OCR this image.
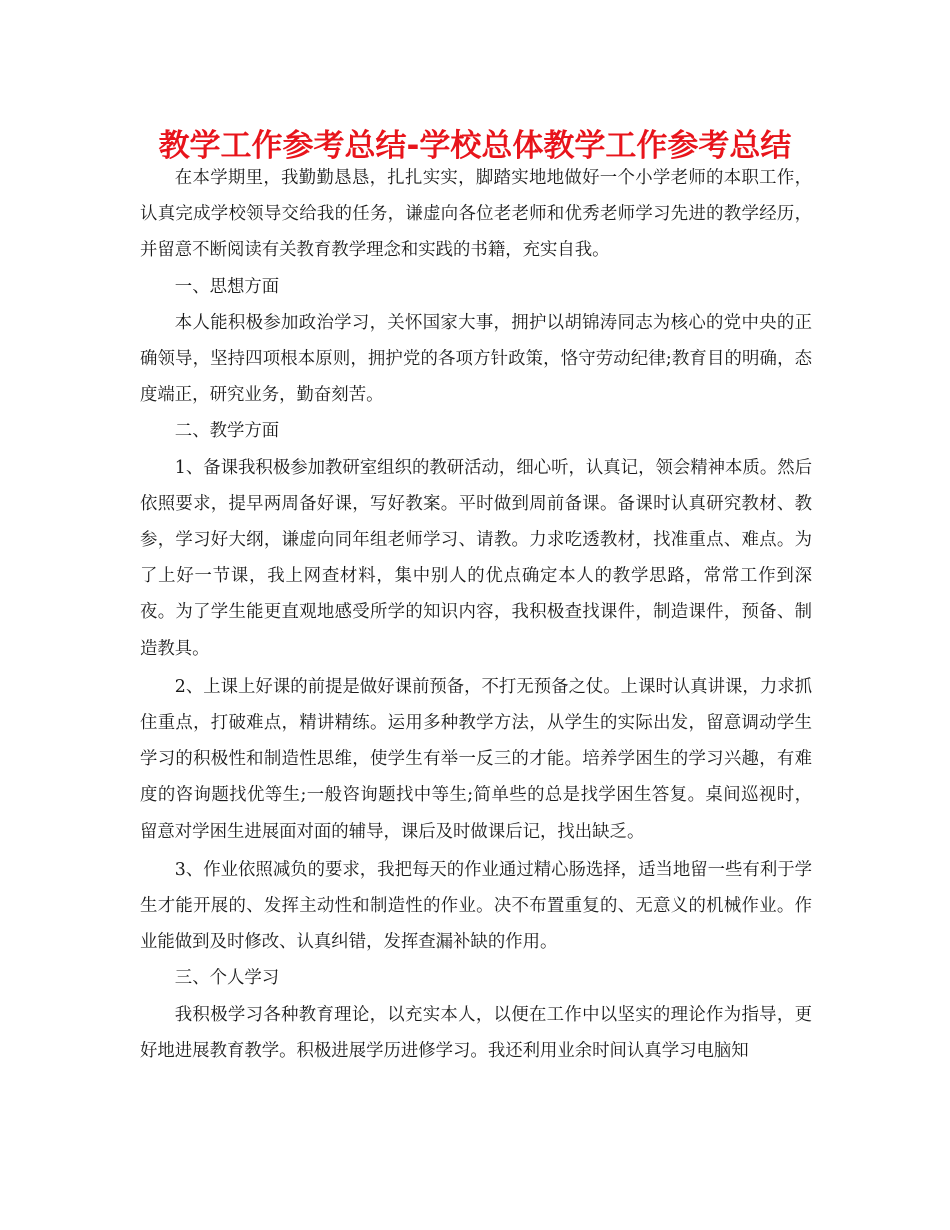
教学工作参考总结-学校总体教学工作参考总结

在本学期里，我勤勤恳恳，扎扎实实，脚踏实地地做好一个小学老师的本职工作，认真完成学校领导交给我的任务，谦虚向各位老老师和优秀老师学习先进的教学经历，并留意不断阅读有关教育教学理念和实践的书籍，充实自我。

一、思想方面

本人能积极参加政治学习，关怀国家大事，拥护以胡锦涛同志为核心的党中央的正确领导，坚持四项根本原则，拥护党的各项方针政策，恪守劳动纪律;教育目的明确，态度端正，研究业务，勤奋刻苦。

二、教学方面

1、备课我积极参加教研室组织的教研活动，细心听，认真记，领会精神本质。然后依照要求，提早两周备好课，写好教案。平时做到周前备课。备课时认真研究教材、教参，学习好大纲，谦虚向同年组老师学习、请教。力求吃透教材，找准重点、难点。为了上好一节课，我上网查材料，集中别人的优点确定本人的教学思路，常常工作到深夜。为了学生能更直观地感受所学的知识内容，我积极查找课件，制造课件，预备、制造教具。

2、上课上好课的前提是做好课前预备，不打无预备之仗。上课时认真讲课，力求抓住重点，打破难点，精讲精练。运用多种教学方法，从学生的实际出发，留意调动学生学习的积极性和制造性思维，使学生有举一反三的才能。培养学困生的学习兴趣，有难度的咨询题找优等生;一般咨询题找中等生;简单些的总是找学困生答复。桌间巡视时，留意对学困生进展面对面的辅导，课后及时做课后记，找出缺乏。

3、作业依照减负的要求，我把每天的作业通过精心肠选择，适当地留一些有利于学生才能开展的、发挥主动性和制造性的作业。决不布置重复的、无意义的机械作业。作业能做到及时修改、认真纠错，发挥查漏补缺的作用。

三、个人学习

我积极学习各种教育理论，以充实本人，以便在工作中以坚实的理论作为指导，更好地进展教育教学。积极进展学历进修学习。我还利用业余时间认真学习电脑知
